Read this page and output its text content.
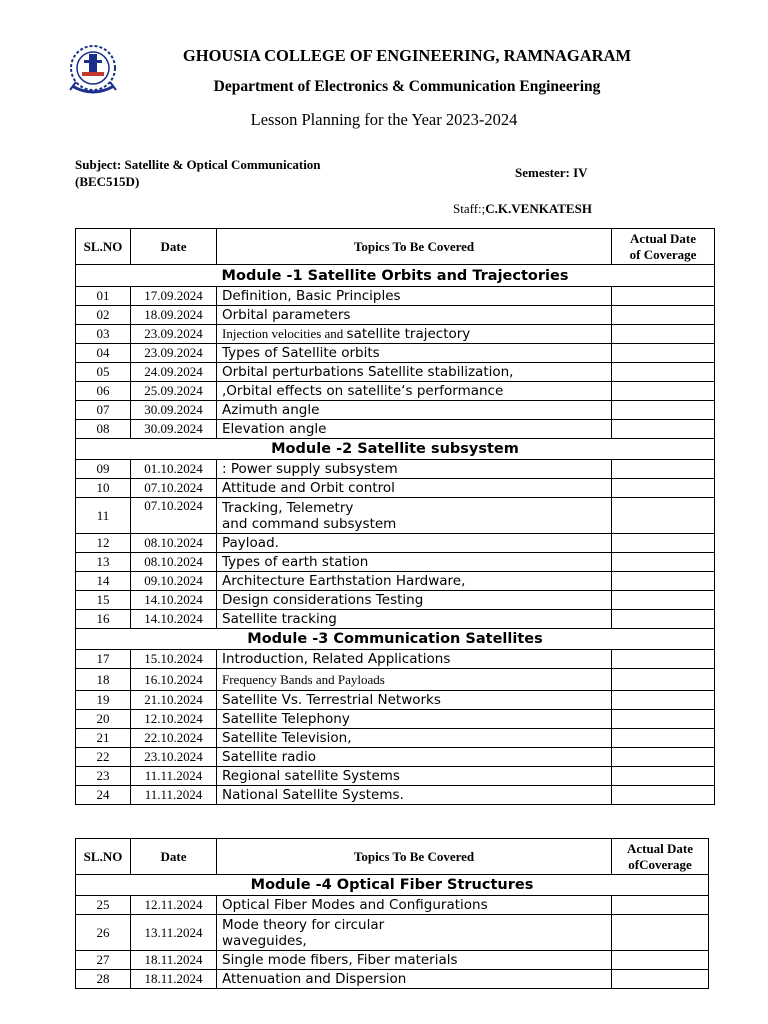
GHOUSIA COLLEGE OF ENGINEERING, RAMNAGARAM
Department of Electronics & Communication Engineering
Lesson Planning for the Year 2023-2024
Subject: Satellite & Optical Communication
(BEC515D)
Semester: IV
Staff:;C.K.VENKATESH
SL.NO	Date	Topics To Be Covered	Actual Date
of Coverage
Module -1 Satellite Orbits and Trajectories			
01	17.09.2024	Definition, Basic Principles	
02	18.09.2024	Orbital parameters	
03	23.09.2024	Injection velocities and satellite trajectory	
04	23.09.2024	Types of Satellite orbits	
05	24.09.2024	Orbital perturbations Satellite stabilization,	
06	25.09.2024	,Orbital effects on satellite‘s performance	
07	30.09.2024	Azimuth angle	
08	30.09.2024	Elevation angle	
Module -2 Satellite subsystem			
09	01.10.2024	: Power supply subsystem	
10	07.10.2024	Attitude and Orbit control	
11	07.10.2024	Tracking, Telemetry
and command subsystem	

12	08.10.2024	Payload.	
13	08.10.2024	Types of earth station	
14	09.10.2024	Architecture Earthstation Hardware,	
15	14.10.2024	Design considerations Testing	
16	14.10.2024	Satellite tracking	
Module -3 Communication Satellites			
17	15.10.2024	Introduction, Related Applications	
18	16.10.2024	Frequency Bands and Payloads	
19	21.10.2024	Satellite Vs. Terrestrial Networks	
20	12.10.2024	Satellite Telephony	
21	22.10.2024	Satellite Television,	
22	23.10.2024	Satellite radio	
23	11.11.2024	Regional satellite Systems	
24	11.11.2024	National Satellite Systems.	
SL.NO	Date	Topics To Be Covered	Actual Date
ofCoverage
Module -4 Optical Fiber Structures			
25	12.11.2024	Optical Fiber Modes and Configurations	
26	13.11.2024	Mode theory for circular
waveguides,	

27	18.11.2024	Single mode fibers, Fiber materials	
28	18.11.2024	Attenuation and Dispersion	
